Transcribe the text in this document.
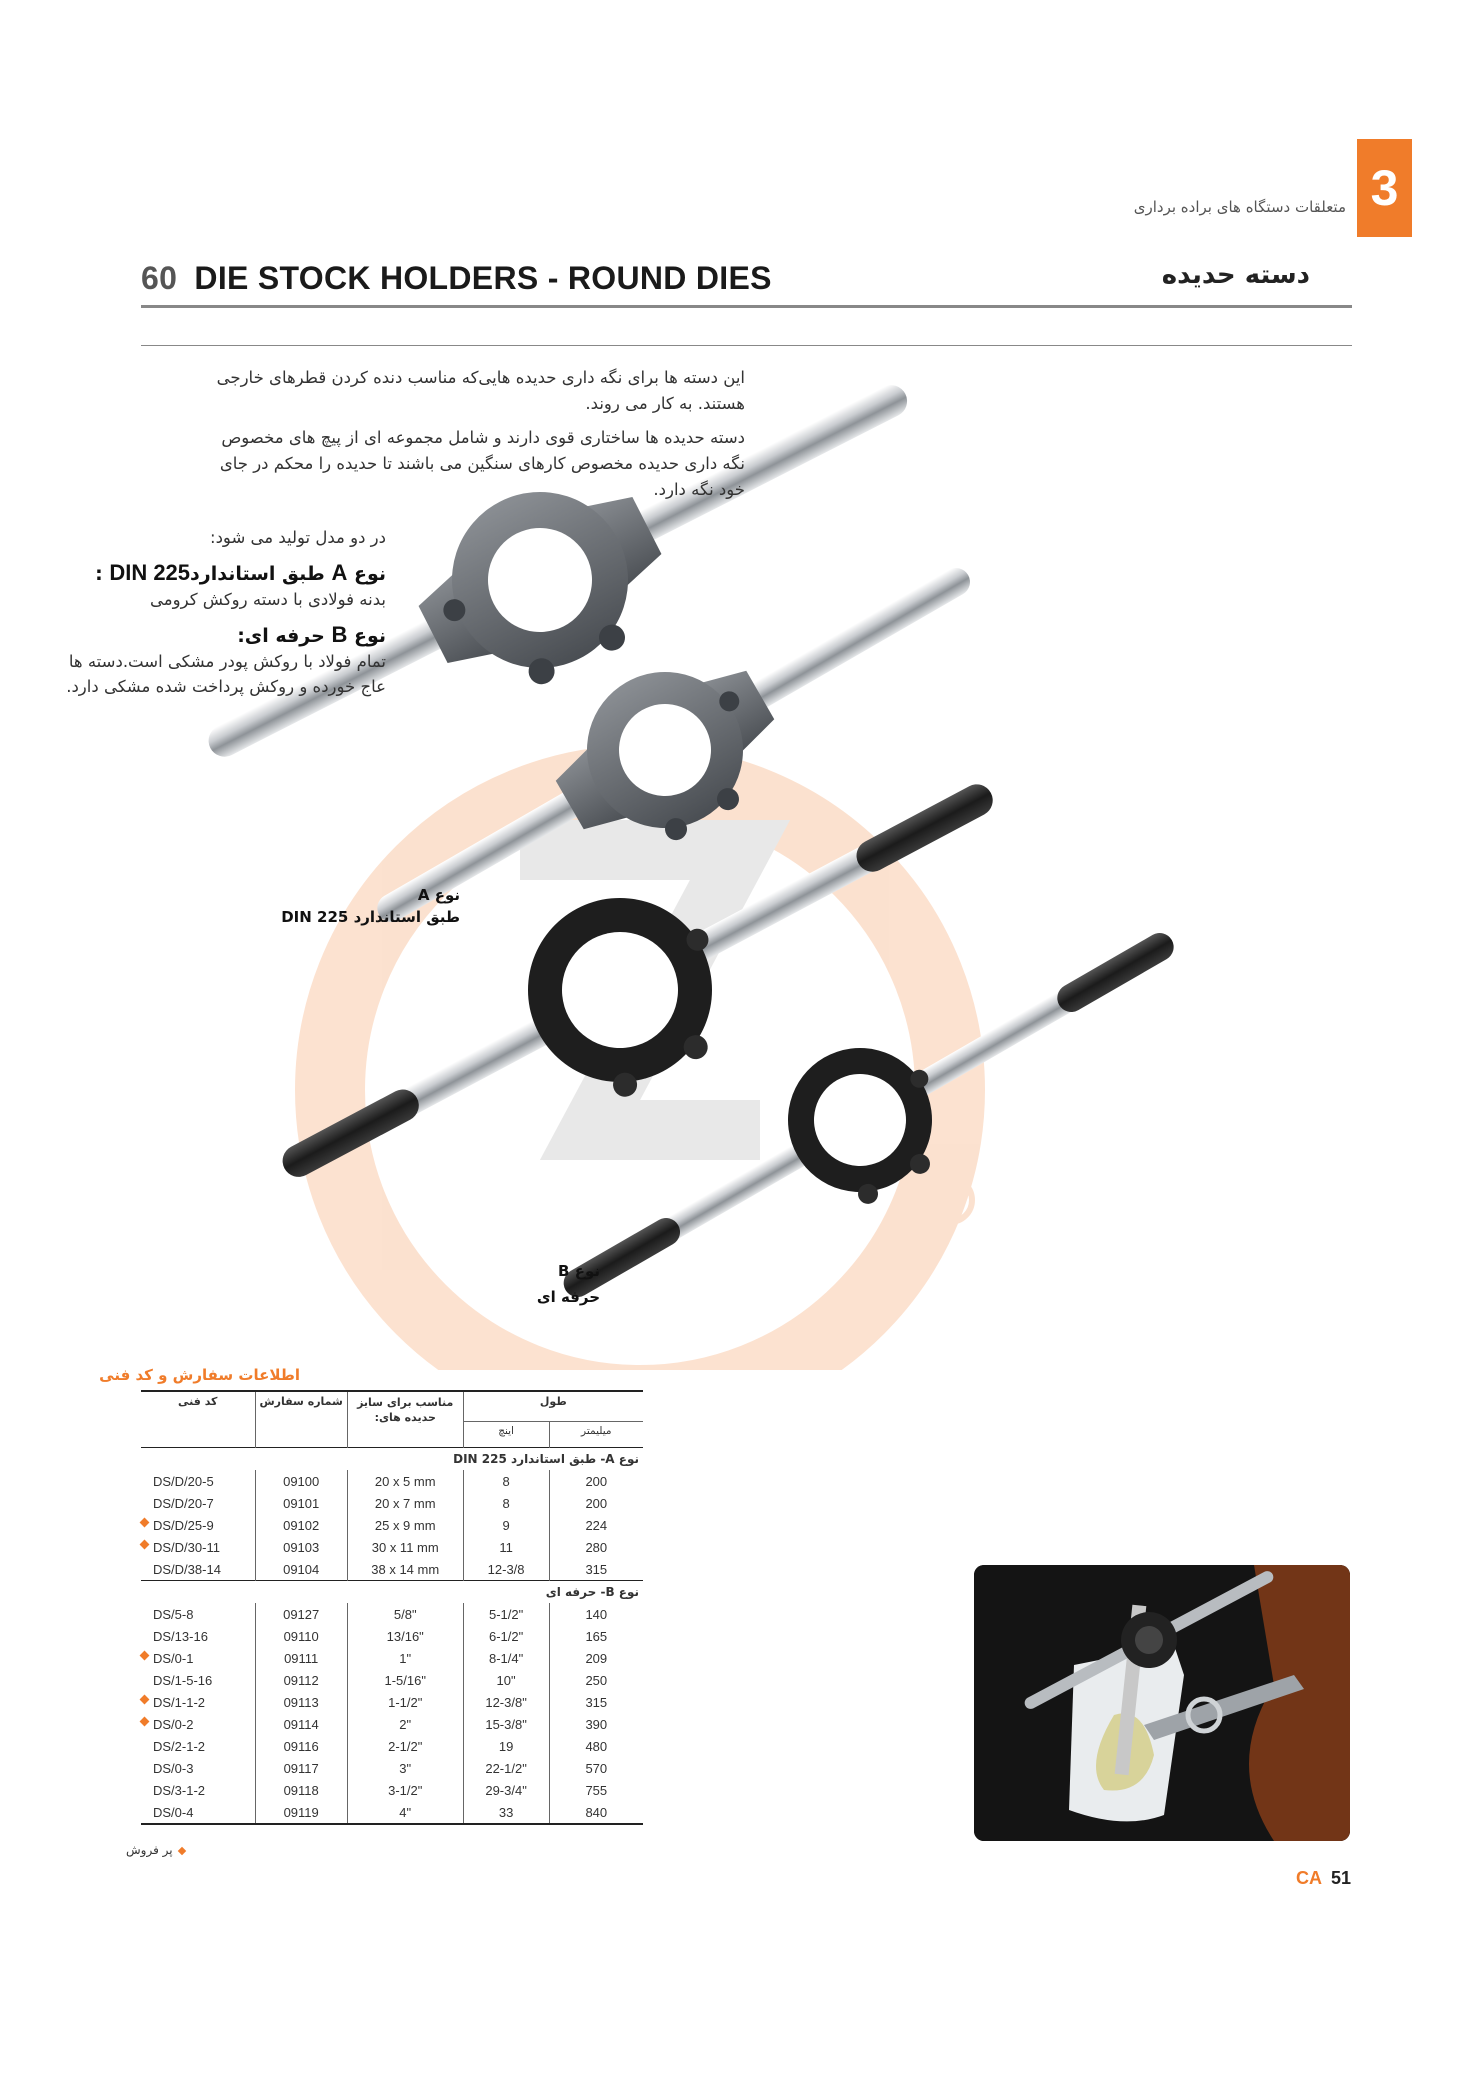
3
متعلقات دستگاه های براده برداری
60 DIE STOCK HOLDERS - ROUND DIES	دسته حدیده

این دسته ها برای نگه داری حدیده هایی‌که مناسب دنده کردن قطرهای خارجی هستند. به کار می روند.

دسته حدیده ها ساختاری قوی دارند و شامل مجموعه ای از پیچ های مخصوص نگه داری حدیده مخصوص کارهای سنگین می باشند تا حدیده را محکم در جای خود نگه دارد.

در دو مدل تولید می شود:

نوع A طبق استانداردDIN 225 :

بدنه فولادی با دسته روکش کرومی

نوع B حرفه ای:

تمام فولاد با روکش پودر مشکی است.دسته ها عاج خورده و روکش پرداخت شده مشکی دارد.

نوع A
طبق استاندارد DIN 225
نوع B
حرفه ای
اطلاعات سفارش و کد فنی
کد فنی	شماره سفارش	مناسب برای سایز حدیده های:	طول	
			اینچ	میلیمتر
نوع A- طبق استاندارد DIN 225				
DS/D/20-5	09100	20 x 5 mm	8	200
DS/D/20-7	09101	20 x 7 mm	8	200

DS/D/25-9	09102	25 x 9 mm	9	224

DS/D/30-11	09103	30 x 11 mm	11	280
DS/D/38-14	09104	38 x 14 mm	12-3/8	315
نوع B- حرفه ای				
DS/5-8	09127	5/8"	5-1/2"	140
DS/13-16	09110	13/16"	6-1/2"	165

DS/0-1	09111	1"	8-1/4"	209
DS/1-5-16	09112	1-5/16"	10"	250

DS/1-1-2	09113	1-1/2"	12-3/8"	315

DS/0-2	09114	2"	15-3/8"	390
DS/2-1-2	09116	2-1/2"	19	480
DS/0-3	09117	3"	22-1/2"	570
DS/3-1-2	09118	3-1/2"	29-3/4"	755
DS/0-4	09119	4"	33	840
پر فروش
CA 51
